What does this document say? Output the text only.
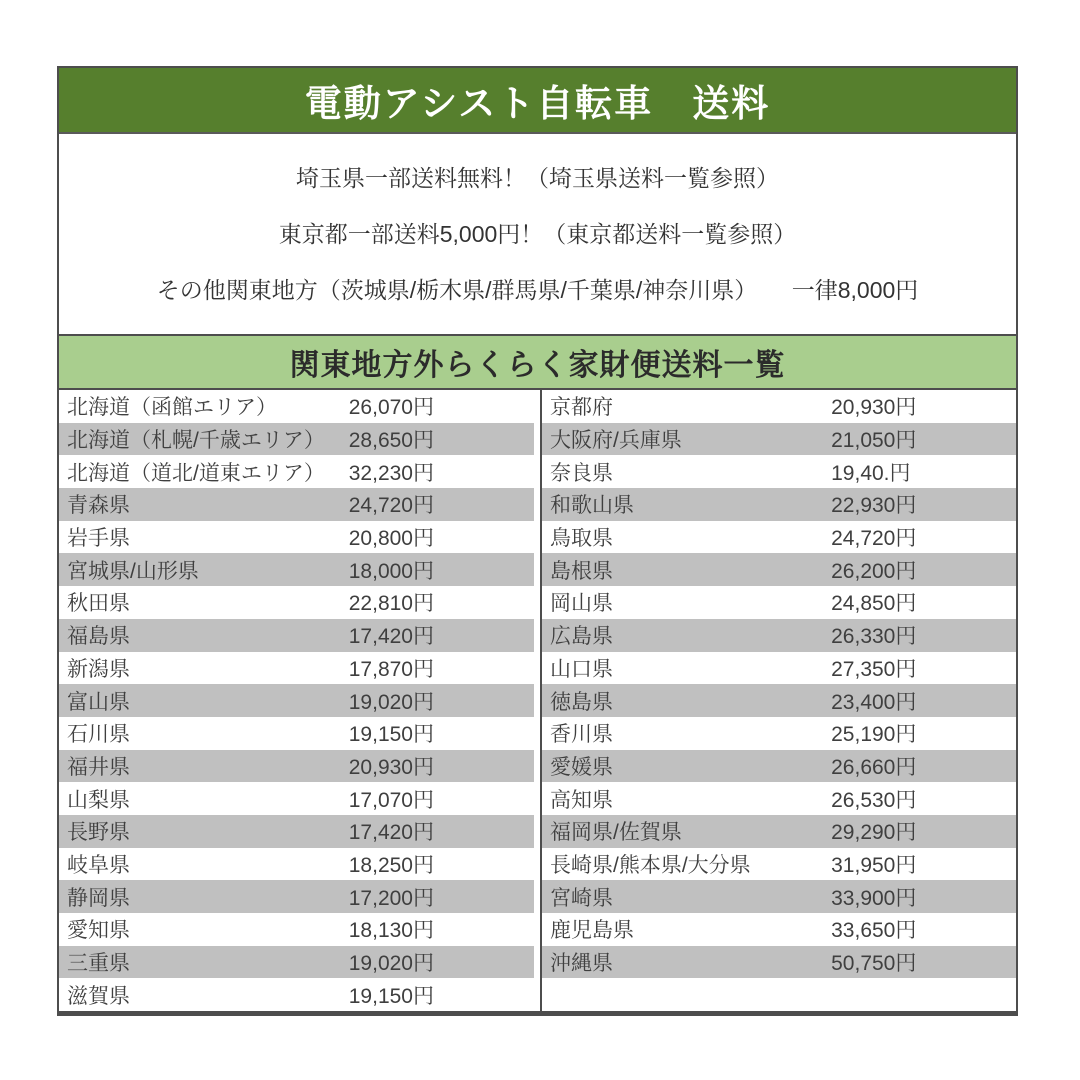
電動アシスト自転車　送料

埼玉県一部送料無料！（埼玉県送料一覧参照）

東京都一部送料5,000円！（東京都送料一覧参照）

その他関東地方（茨城県/栃木県/群馬県/千葉県/神奈川県）　　一律8,000円

関東地方外らくらく家財便送料一覧
北海道（函館エリア）	26,070円
北海道（札幌/千歳エリア）	28,650円
北海道（道北/道東エリア）	32,230円
青森県	24,720円
岩手県	20,800円
宮城県/山形県	18,000円
秋田県	22,810円
福島県	17,420円
新潟県	17,870円
富山県	19,020円
石川県	19,150円
福井県	20,930円
山梨県	17,070円
長野県	17,420円
岐阜県	18,250円
静岡県	17,200円
愛知県	18,130円
三重県	19,020円
滋賀県	19,150円
京都府	20,930円
大阪府/兵庫県	21,050円
奈良県	19,40.円
和歌山県	22,930円
鳥取県	24,720円
島根県	26,200円
岡山県	24,850円
広島県	26,330円
山口県	27,350円
徳島県	23,400円
香川県	25,190円
愛媛県	26,660円
高知県	26,530円
福岡県/佐賀県	29,290円
長崎県/熊本県/大分県	31,950円
宮崎県	33,900円
鹿児島県	33,650円
沖縄県	50,750円
